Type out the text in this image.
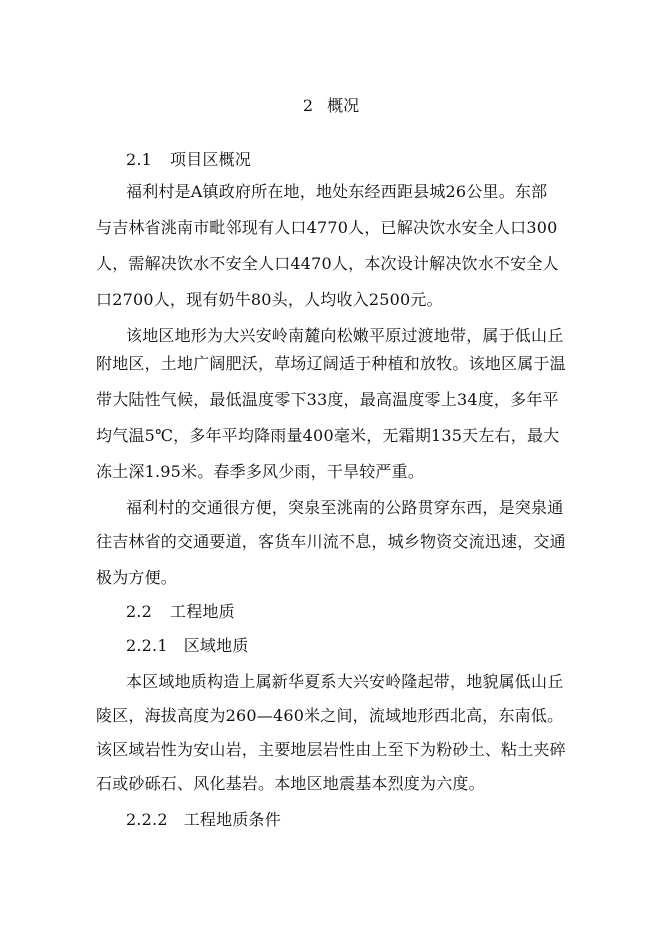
2 概况
2.1 项目区概况
福利村是A镇政府所在地，地处东经西距县城26公里。东部
与吉林省洮南市毗邻现有人口4770人，已解决饮水安全人口300
人，需解决饮水不安全人口4470人，本次设计解决饮水不安全人
口2700人，现有奶牛80头，人均收入2500元。
该地区地形为大兴安岭南麓向松嫩平原过渡地带，属于低山丘
附地区，土地广阔肥沃，草场辽阔适于种植和放牧。该地区属于温
带大陆性气候，最低温度零下33度，最高温度零上34度，多年平
均气温5℃，多年平均降雨量400毫米，无霜期135天左右，最大
冻土深1.95米。春季多风少雨，干旱较严重。
福利村的交通很方便，突泉至洮南的公路贯穿东西，是突泉通
往吉林省的交通要道，客货车川流不息，城乡物资交流迅速，交通
极为方便。
2.2 工程地质
2.2.1 区域地质
本区域地质构造上属新华夏系大兴安岭隆起带，地貌属低山丘
陵区，海拔高度为260—460米之间，流域地形西北高，东南低。
该区域岩性为安山岩，主要地层岩性由上至下为粉砂土、粘土夹碎
石或砂砾石、风化基岩。本地区地震基本烈度为六度。
2.2.2 工程地质条件
